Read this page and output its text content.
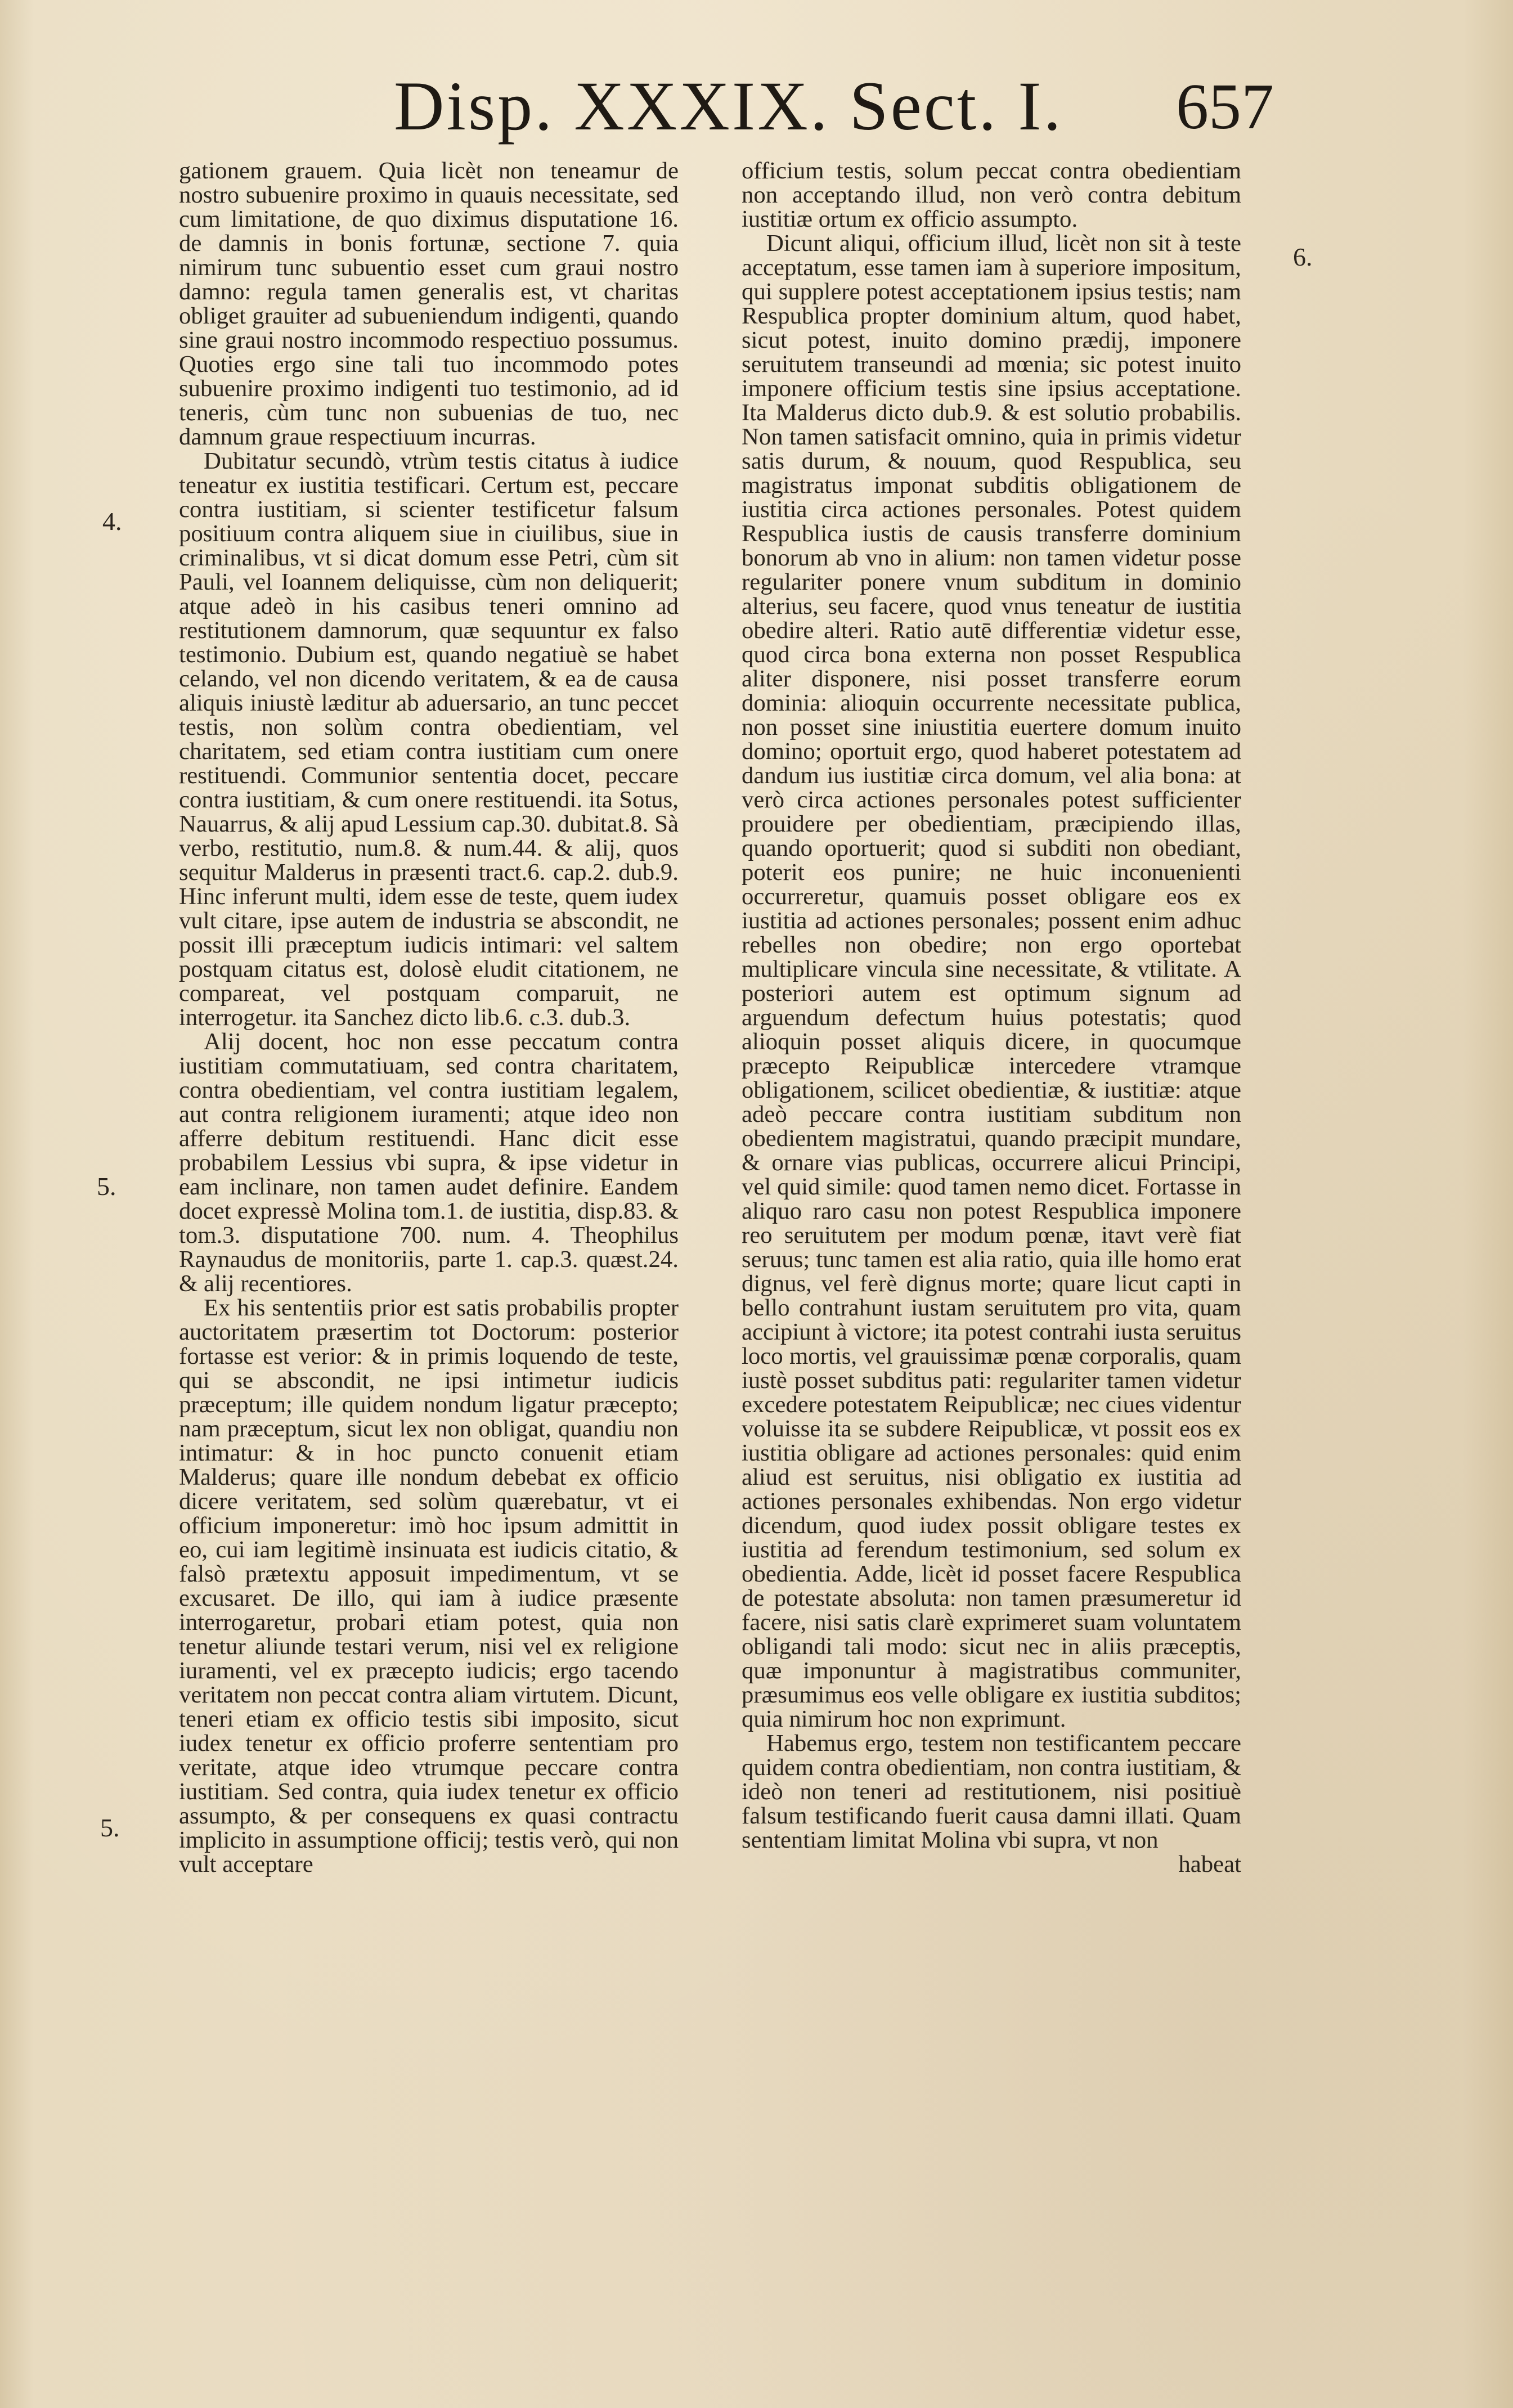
Disp. XXXIX. Sect. I. 657
4.
5.
5.
6.

gationem grauem. Quia licèt non teneamur de nostro subuenire proximo in quauis necessitate, sed cum limitatione, de quo diximus disputatione 16. de damnis in bonis fortunæ, sectione 7. quia nimirum tunc subuentio esset cum graui nostro damno: regula tamen generalis est, vt charitas obliget grauiter ad subueniendum indigenti, quando sine graui nostro incommodo respectiuo possumus. Quoties ergo sine tali tuo incommodo potes subuenire proximo indigenti tuo testimonio, ad id teneris, cùm tunc non subuenias de tuo, nec damnum graue respectiuum incurras.

Dubitatur secundò, vtrùm testis citatus à iudice teneatur ex iustitia testificari. Certum est, peccare contra iustitiam, si scienter testificetur falsum positiuum contra aliquem siue in ciuilibus, siue in criminalibus, vt si dicat domum esse Petri, cùm sit Pauli, vel Ioannem deliquisse, cùm non deliquerit; atque adeò in his casibus teneri omnino ad restitutionem damnorum, quæ sequuntur ex falso testimonio. Dubium est, quando negatiuè se habet celando, vel non dicendo veritatem, & ea de causa aliquis iniustè læditur ab aduersario, an tunc peccet testis, non solùm contra obedientiam, vel charitatem, sed etiam contra iustitiam cum onere restituendi. Communior sententia docet, peccare contra iustitiam, & cum onere restituendi. ita Sotus, Nauarrus, & alij apud Lessium cap.30. dubitat.8. Sà verbo, restitutio, num.8. & num.44. & alij, quos sequitur Malderus in præsenti tract.6. cap.2. dub.9. Hinc inferunt multi, idem esse de teste, quem iudex vult citare, ipse autem de industria se abscondit, ne possit illi præceptum iudicis intimari: vel saltem postquam citatus est, dolosè eludit citationem, ne compareat, vel postquam comparuit, ne interrogetur. ita Sanchez dicto lib.6. c.3. dub.3.

Alij docent, hoc non esse peccatum contra iustitiam commutatiuam, sed contra charitatem, contra obedientiam, vel contra iustitiam legalem, aut contra religionem iuramenti; atque ideo non afferre debitum restituendi. Hanc dicit esse probabilem Lessius vbi supra, & ipse videtur in eam inclinare, non tamen audet definire. Eandem docet expressè Molina tom.1. de iustitia, disp.83. & tom.3. disputatione 700. num. 4. Theophilus Raynaudus de monitoriis, parte 1. cap.3. quæst.24. & alij recentiores.

Ex his sententiis prior est satis probabilis propter auctoritatem præsertim tot Doctorum: posterior fortasse est verior: & in primis loquendo de teste, qui se abscondit, ne ipsi intimetur iudicis præceptum; ille quidem nondum ligatur præcepto; nam præceptum, sicut lex non obligat, quandiu non intimatur: & in hoc puncto conuenit etiam Malderus; quare ille nondum debebat ex officio dicere veritatem, sed solùm quærebatur, vt ei officium imponeretur: imò hoc ipsum admittit in eo, cui iam legitimè insinuata est iudicis citatio, & falsò prætextu apposuit impedimentum, vt se excusaret. De illo, qui iam à iudice præsente interrogaretur, probari etiam potest, quia non tenetur aliunde testari verum, nisi vel ex religione iuramenti, vel ex præcepto iudicis; ergo tacendo veritatem non peccat contra aliam virtutem. Dicunt, teneri etiam ex officio testis sibi imposito, sicut iudex tenetur ex officio proferre sententiam pro veritate, atque ideo vtrumque peccare contra iustitiam. Sed contra, quia iudex tenetur ex officio assumpto, & per consequens ex quasi contractu implicito in assumptione officij; testis verò, qui non vult acceptare

officium testis, solum peccat contra obedientiam non acceptando illud, non verò contra debitum iustitiæ ortum ex officio assumpto.

Dicunt aliqui, officium illud, licèt non sit à teste acceptatum, esse tamen iam à superiore impositum, qui supplere potest acceptationem ipsius testis; nam Respublica propter dominium altum, quod habet, sicut potest, inuito domino prædij, imponere seruitutem transeundi ad mœnia; sic potest inuito imponere officium testis sine ipsius acceptatione. Ita Malderus dicto dub.9. & est solutio probabilis. Non tamen satisfacit omnino, quia in primis videtur satis durum, & nouum, quod Respublica, seu magistratus imponat subditis obligationem de iustitia circa actiones personales. Potest quidem Respublica iustis de causis transferre dominium bonorum ab vno in alium: non tamen videtur posse regulariter ponere vnum subditum in dominio alterius, seu facere, quod vnus teneatur de iustitia obedire alteri. Ratio autē differentiæ videtur esse, quod circa bona externa non posset Respublica aliter disponere, nisi posset transferre eorum dominia: alioquin occurrente necessitate publica, non posset sine iniustitia euertere domum inuito domino; oportuit ergo, quod haberet potestatem ad dandum ius iustitiæ circa domum, vel alia bona: at verò circa actiones personales potest sufficienter prouidere per obedientiam, præcipiendo illas, quando oportuerit; quod si subditi non obediant, poterit eos punire; ne huic inconuenienti occurreretur, quamuis posset obligare eos ex iustitia ad actiones personales; possent enim adhuc rebelles non obedire; non ergo oportebat multiplicare vincula sine necessitate, & vtilitate. A posteriori autem est optimum signum ad arguendum defectum huius potestatis; quod alioquin posset aliquis dicere, in quocumque præcepto Reipublicæ intercedere vtramque obligationem, scilicet obedientiæ, & iustitiæ: atque adeò peccare contra iustitiam subditum non obedientem magistratui, quando præcipit mundare, & ornare vias publicas, occurrere alicui Principi, vel quid simile: quod tamen nemo dicet. Fortasse in aliquo raro casu non potest Respublica imponere reo seruitutem per modum pœnæ, itavt verè fiat seruus; tunc tamen est alia ratio, quia ille homo erat dignus, vel ferè dignus morte; quare licut capti in bello contrahunt iustam seruitutem pro vita, quam accipiunt à victore; ita potest contrahi iusta seruitus loco mortis, vel grauissimæ pœnæ corporalis, quam iustè posset subditus pati: regulariter tamen videtur excedere potestatem Reipublicæ; nec ciues videntur voluisse ita se subdere Reipublicæ, vt possit eos ex iustitia obligare ad actiones personales: quid enim aliud est seruitus, nisi obligatio ex iustitia ad actiones personales exhibendas. Non ergo videtur dicendum, quod iudex possit obligare testes ex iustitia ad ferendum testimonium, sed solum ex obedientia. Adde, licèt id posset facere Respublica de potestate absoluta: non tamen præsumeretur id facere, nisi satis clarè exprimeret suam voluntatem obligandi tali modo: sicut nec in aliis præceptis, quæ imponuntur à magistratibus communiter, præsumimus eos velle obligare ex iustitia subditos; quia nimirum hoc non exprimunt.

Habemus ergo, testem non testificantem peccare quidem contra obedientiam, non contra iustitiam, & ideò non teneri ad restitutionem, nisi positiuè falsum testificando fuerit causa damni illati. Quam sententiam limitat Molina vbi supra, vt non

habeat
